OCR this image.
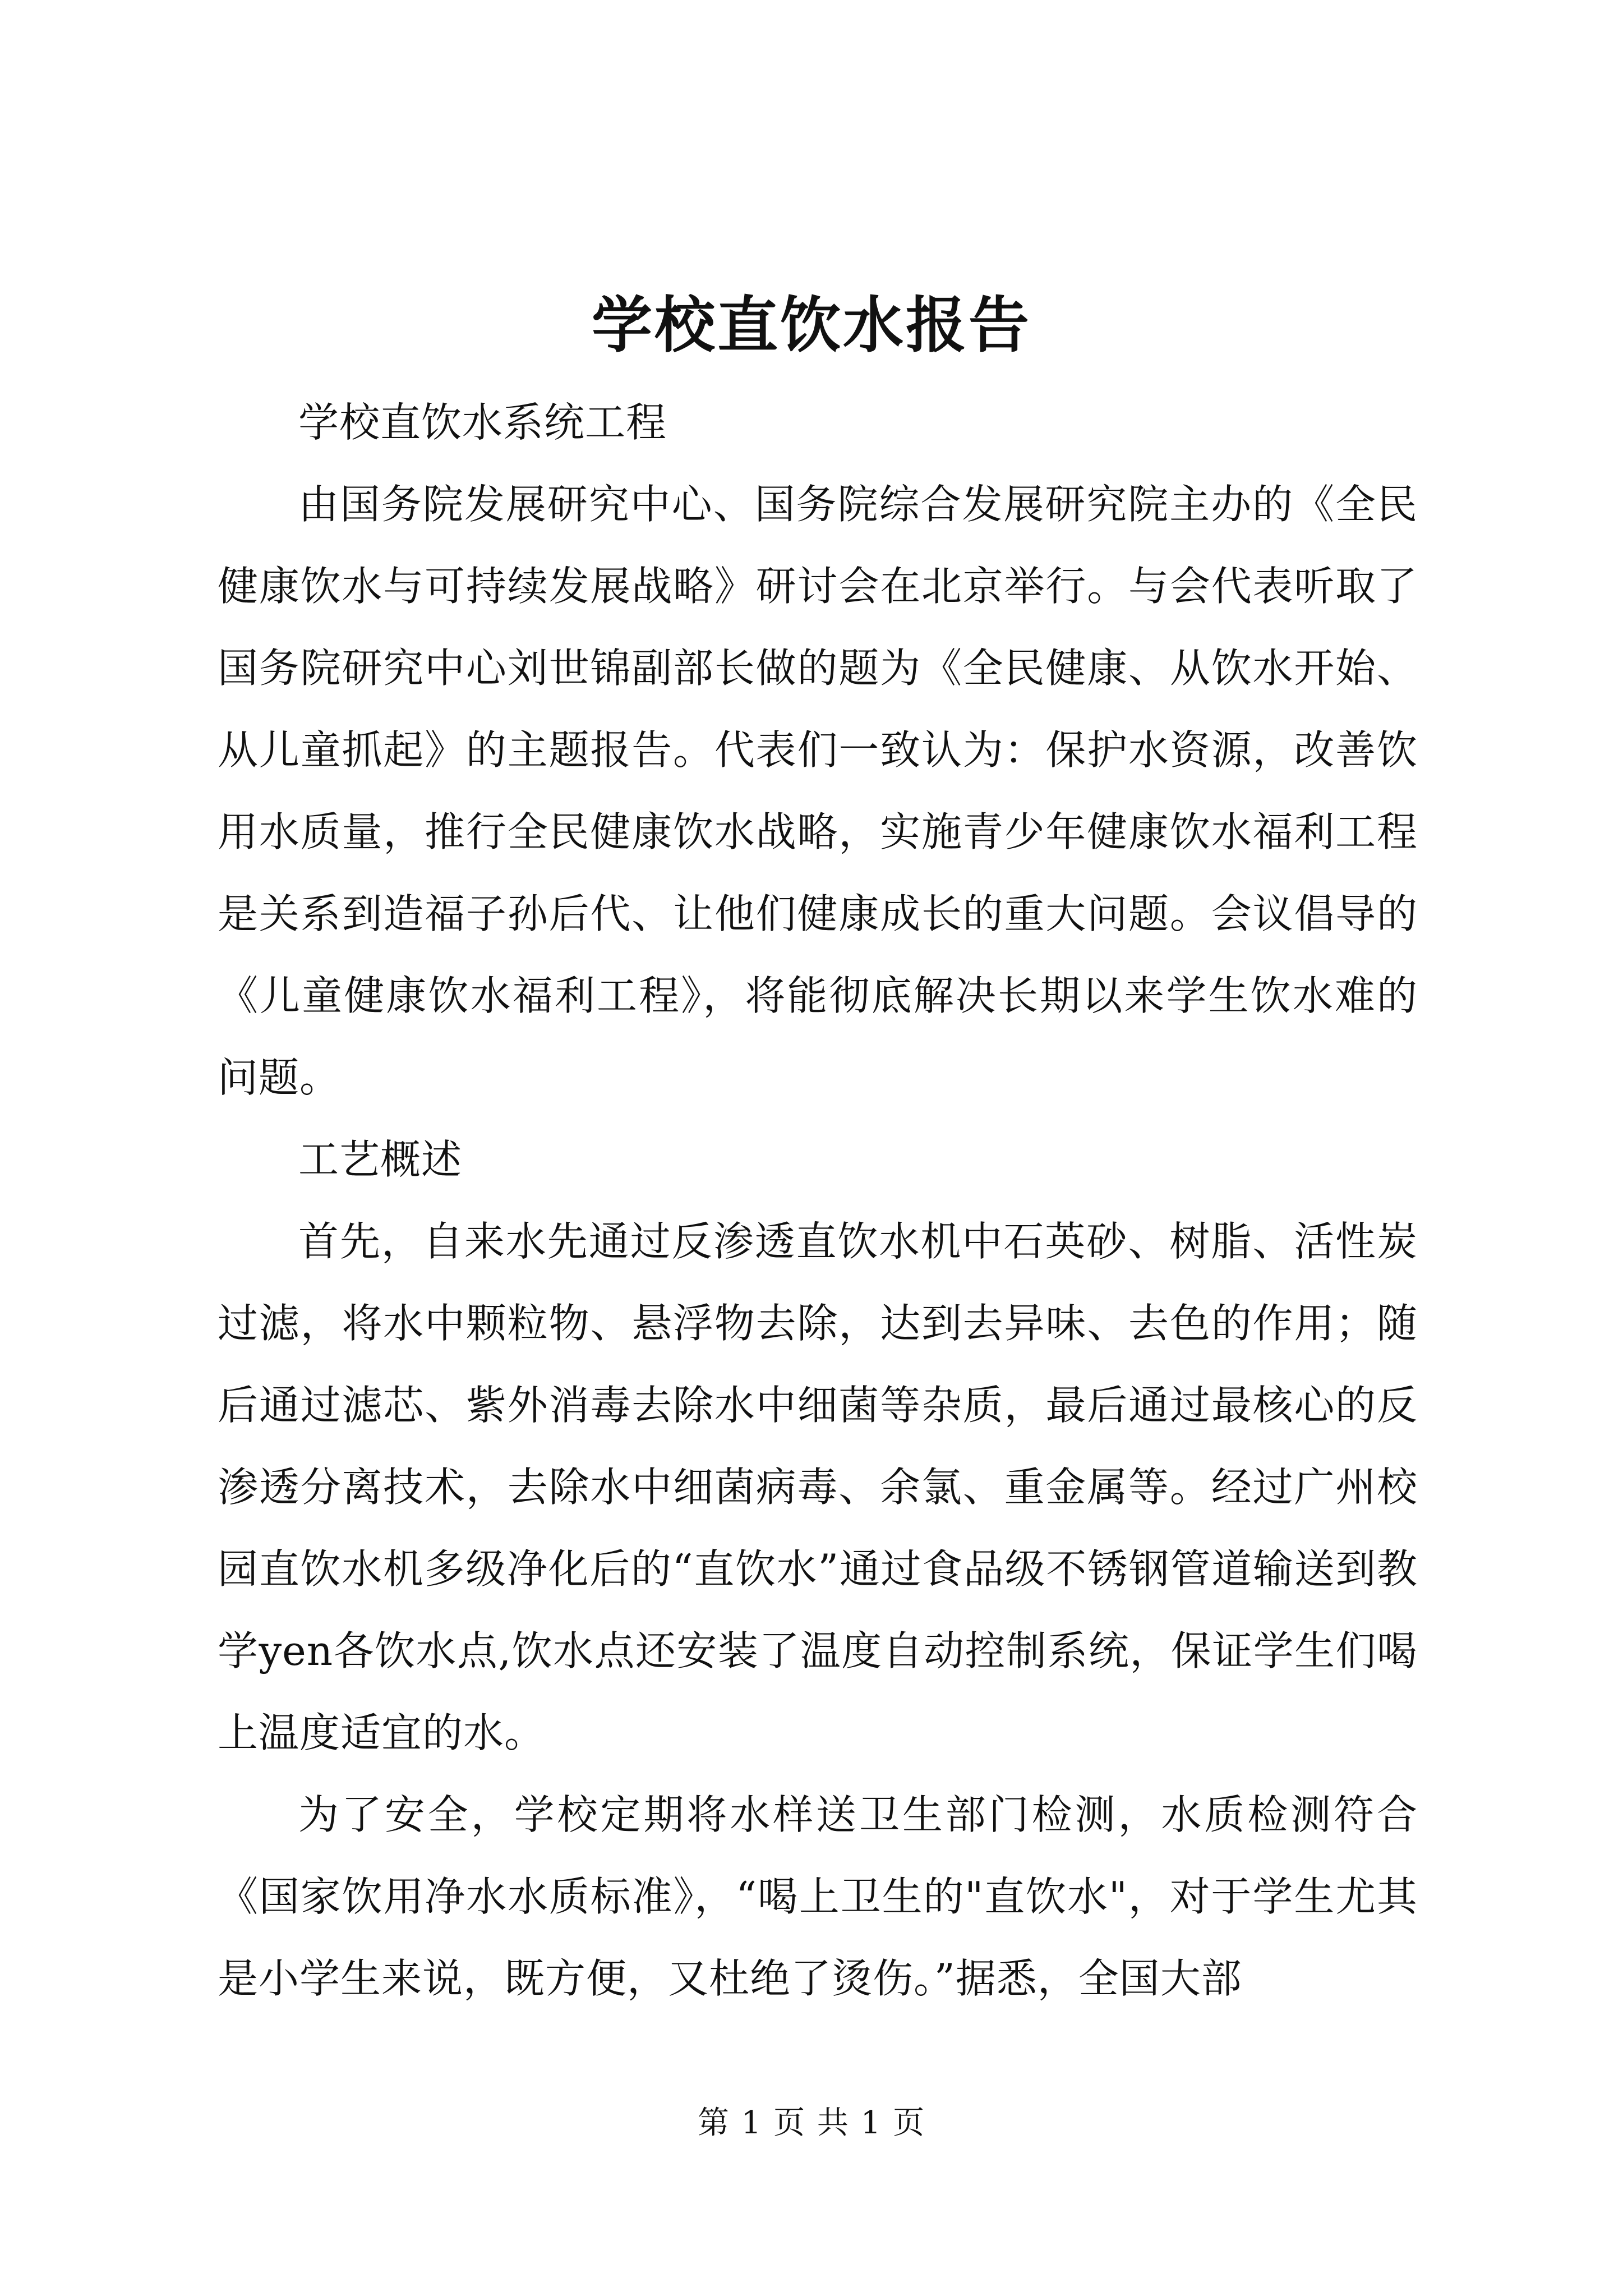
学校直饮水报告

学校直饮水系统工程

由国务院发展研究中心、国务院综合发展研究院主办的《全民健康饮水与可持续发展战略》研讨会在北京举行。与会代表听取了国务院研究中心刘世锦副部长做的题为《全民健康、从饮水开始、从儿童抓起》的主题报告。代表们一致认为：保护水资源，改善饮用水质量，推行全民健康饮水战略，实施青少年健康饮水福利工程是关系到造福子孙后代、让他们健康成长的重大问题。会议倡导的《儿童健康饮水福利工程》，将能彻底解决长期以来学生饮水难的问题。

工艺概述

首先，自来水先通过反渗透直饮水机中石英砂、树脂、活性炭过滤，将水中颗粒物、悬浮物去除，达到去异味、去色的作用；随后通过滤芯、紫外消毒去除水中细菌等杂质，最后通过最核心的反渗透分离技术，去除水中细菌病毒、余氯、重金属等。经过广州校园直饮水机多级净化后的“直饮水”通过食品级不锈钢管道输送到教学yen各饮水点,饮水点还安装了温度自动控制系统，保证学生们喝上温度适宜的水。

为了安全，学校定期将水样送卫生部门检测，水质检测符合《国家饮用净水水质标准》，“喝上卫生的"直饮水"，对于学生尤其是小学生来说，既方便，又杜绝了烫伤。”据悉，全国大部

第 1 页 共 1 页
